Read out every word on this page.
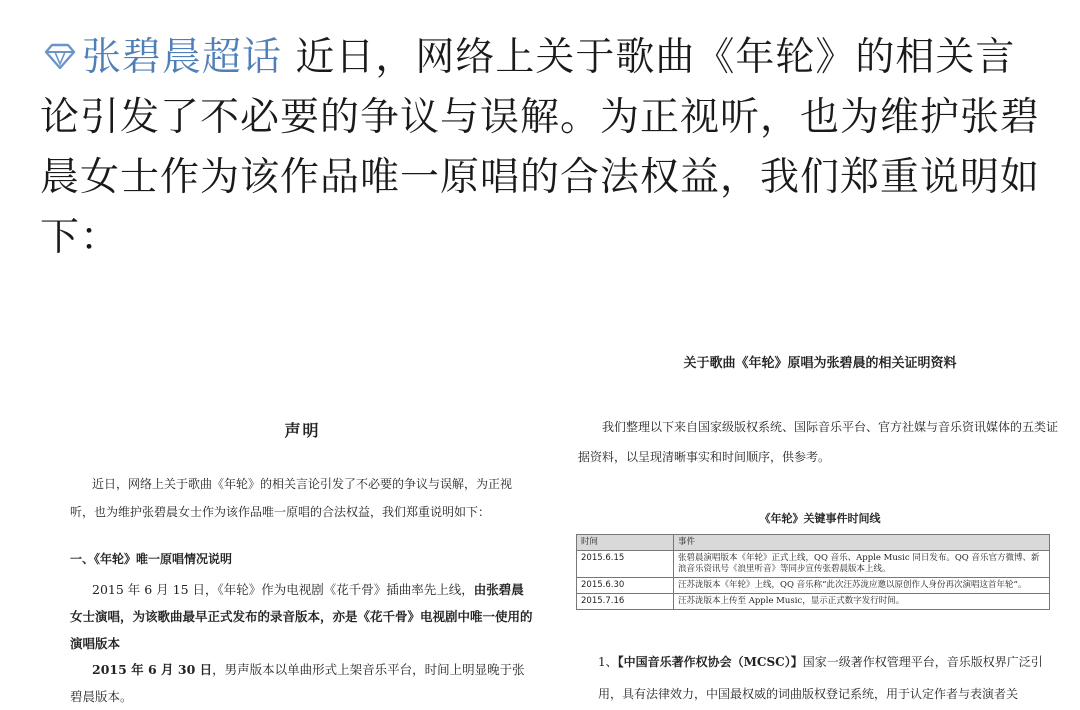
张碧晨超话 近日，网络上关于歌曲《年轮》的相关言论引发了不必要的争议与误解。为正视听，也为维护张碧晨女士作为该作品唯一原唱的合法权益，我们郑重说明如下：
声明
近日，网络上关于歌曲《年轮》的相关言论引发了不必要的争议与误解，为正视听，也为维护张碧晨女士作为该作品唯一原唱的合法权益，我们郑重说明如下：
一、《年轮》唯一原唱情况说明
2015 年 6 月 15 日，《年轮》作为电视剧《花千骨》插曲率先上线，由张碧晨女士演唱，为该歌曲最早正式发布的录音版本，亦是《花千骨》电视剧中唯一使用的演唱版本
2015 年 6 月 30 日，男声版本以单曲形式上架音乐平台，时间上明显晚于张碧晨版本。
关于歌曲《年轮》原唱为张碧晨的相关证明资料
我们整理以下来自国家级版权系统、国际音乐平台、官方社媒与音乐资讯媒体的五类证据资料，以呈现清晰事实和时间顺序，供参考。
《年轮》关键事件时间线
时间	事件
2015.6.15	张碧晨演唱版本《年轮》正式上线，QQ 音乐、Apple Music 同日发布。QQ 音乐官方微博、新浪音乐资讯号《浪里听音》等同步宣传张碧晨版本上线。
2015.6.30	汪苏泷版本《年轮》上线，QQ 音乐称“此次汪苏泷应邀以原创作人身份再次演唱这首年轮”。
2015.7.16	汪苏泷版本上传至 Apple Music，显示正式数字发行时间。
1、【中国音乐著作权协会（MCSC）】国家一级著作权管理平台，音乐版权界广泛引用，具有法律效力，中国最权威的词曲版权登记系统，用于认定作者与表演者关
